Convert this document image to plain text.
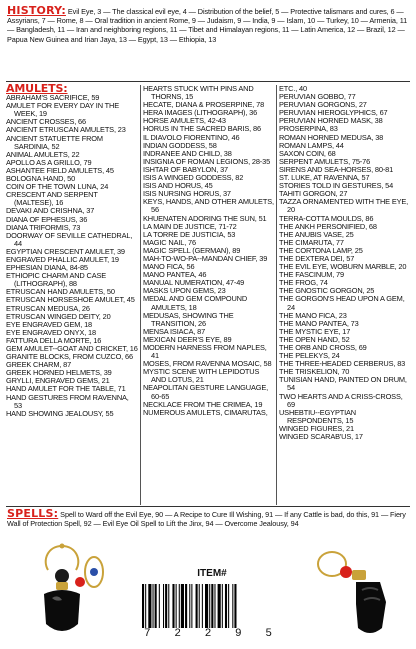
HISTORY: Evil Eye, 3 — The classical evil eye, 4 — Distribution of the belief, 5 — Protective talismans and cures, 6 — Assyrians, 7 — Rome, 8 — Oral tradition in ancient Rome, 9 — Judaism, 9 — India, 9 — Islam, 10 — Turkey, 10 — Armenia, 11 — Bangladesh, 11 — Iran and neighboring regions, 11 — Tibet and Himalayan regions, 11 — Latin America, 12 — Brazil, 12 — Papua New Guinea and Irian Jaya, 13 — Egypt, 13 — Ethiopia, 13
AMULETS:

ABRAHAM'S SACRIFICE, 59

AMULET FOR EVERY DAY IN THE WEEK, 19

ANCIENT CROSSES, 66

ANCIENT ETRUSCAN AMULETS, 23

ANCIENT STATUETTE FROM SARDINIA, 52

ANIMAL AMULETS, 22

APOLLO AS A GRILLO, 79

ASHANTEE FIELD AMULETS, 45

BOLOGNA HAND, 50

COIN OF THE TOWN LUNA, 24

CRESCENT AND SERPENT (MALTESE), 16

DEVAKI AND CRISHNA, 37

DIANA OF EPHESUS, 36

DIANA TRIFORMIS, 73

DOORWAY OF SEVILLE CATHEDRAL, 44

EGYPTIAN CRESCENT AMULET, 39

ENGRAVED PHALLIC AMULET, 19

EPHESIAN DIANA, 84-85

ETHIOPIC CHARM AND CASE (LITHOGRAPH), 88

ETRUSCAN HAND AMULETS, 50

ETRUSCAN HORSESHOE AMULET, 45

ETRUSCAN MEDUSA, 26

ETRUSCAN WINGED DEITY, 20

EYE ENGRAVED GEM, 18

EYE ENGRAVED ONYX, 18

FATTURA DELLA MORTE, 16

GEM AMULET--GOAT AND CRICKET, 16

GRANITE BLOCKS, FROM CUZCO, 66

GREEK CHARM, 87

GREEK HORNED HELMETS, 39

GRYLLI, ENGRAVED GEMS, 21

HAND AMULET FOR THE TABLE, 71

HAND GESTURES FROM RAVENNA, 53

HAND SHOWING JEALOUSY, 55

HEARTS STUCK WITH PINS AND THORNS, 15

HECATE, DIANA & PROSERPINE, 78

HERA IMAGES (LITHOGRAPH), 36

HORSE AMULETS, 42-43

HORUS IN THE SACRED BARIS, 86

IL DIAVOLO FIORENTINO, 46

INDIAN GODDESS, 58

INDRANEE AND CHILD, 38

INSIGNIA OF ROMAN LEGIONS, 28-35

ISHTAR OF BABYLON, 37

ISIS A WINGED GODDESS, 82

ISIS AND HORUS, 45

ISIS NURSING HORUS, 37

KEYS, HANDS, AND OTHER AMULETS, 56

KHUENATEN ADORING THE SUN, 51

LA MAIN DE JUSTICE, 71-72

LA TORRE DE JUSTICIA, 53

MAGIC NAIL, 76

MAGIC SPELL (GERMAN), 89

MAH-TO-WO-PA--MANDAN CHIEF, 39

MANO FICA, 56

MANO PANTEA, 46

MANUAL NUMERATION, 47-49

MASKS UPON GEMS, 23

MEDAL AND GEM COMPOUND AMULETS, 18

MEDUSAS, SHOWING THE TRANSITION, 26

MENSA ISIACA, 87

MEXICAN DEER'S EYE, 89

MODERN HARNESS FROM NAPLES, 41

MOSES, FROM RAVENNA MOSAIC, 58

MYSTIC SCENE WITH LEPIDOTUS AND LOTUS, 21

NEAPOLITAN GESTURE LANGUAGE, 60-65

NECKLACE FROM THE CRIMEA, 19

NUMEROUS AMULETS, CIMARUTAS,

ETC., 40

PERUVIAN GOBBO, 77

PERUVIAN GORGONS, 27

PERUVIAN HIEROGLYPHICS, 67

PERUVIAN HORNED MASK, 38

PROSERPINA, 83

ROMAN HORNED MEDUSA, 38

ROMAN LAMPS, 44

SAXON COIN, 68

SERPENT AMULETS, 75-76

SIRENS AND SEA-HORSES, 80-81

ST. LUKE, AT RAVENNA, 57

STORIES TOLD IN GESTURES, 54

TAHITI GORGON, 27

TAZZA ORNAMENTED WITH THE EYE, 20

TERRA-COTTA MOULDS, 86

THE ANKH PERSONIFIED, 68

THE ANUBIS VASE, 25

THE CIMARUTA, 77

THE CORTONA LAMP, 25

THE DEXTERA DEI, 57

THE EVIL EYE, WOBURN MARBLE, 20

THE FASCINUM, 79

THE FROG, 74

THE GNOSTIC GORGON, 25

THE GORGON'S HEAD UPON A GEM, 24

THE MANO FICA, 23

THE MANO PANTEA, 73

THE MYSTIC EYE, 17

THE OPEN HAND, 52

THE ORB AND CROSS, 69

THE PELEKYS, 24

THE THREE-HEADED CERBERUS, 83

THE TRISKELION, 70

TUNISIAN HAND, PAINTED ON DRUM, 54

TWO HEARTS AND A CRISS-CROSS, 69

USHEBTIU--EGYPTIAN RESPONDENTS, 15

WINGED FIGURES, 21

WINGED SCARAB'US, 17

SPELLS: Spell to Ward off the Evil Eye, 90 — A Recipe to Cure Ill Wishing, 91 — If any Cattle is bad, do this, 91 — Fiery Wall of Protection Spell, 92 — Evil Eye Oil Spell to Lift the Jinx, 94 — Overcome Jealousy, 94
ITEM#
7 2 2 9 5
